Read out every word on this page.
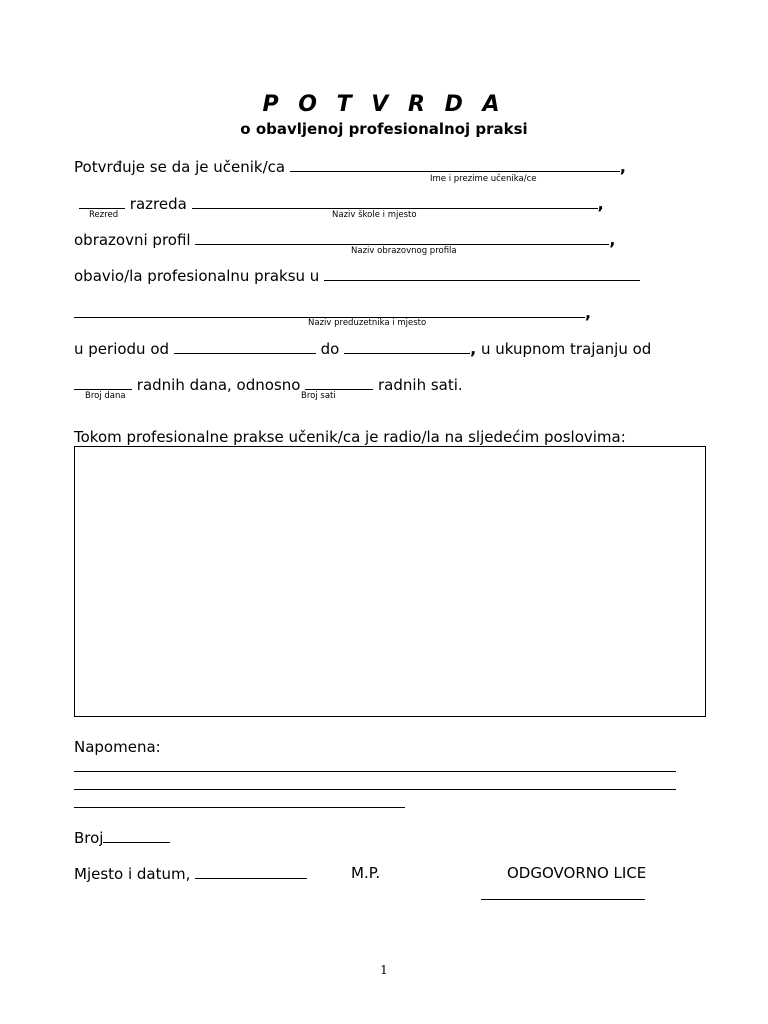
P O T V R D A
o obavljenoj profesionalnoj praksi
Potvrđuje se da je učenik/ca	,
Ime i prezime učenika/ce
razreda	,
Rezred	Naziv škole i mjesto
obrazovni profil	,
Naziv obrazovnog profila
obavio/la profesionalnu praksu u
,
Naziv preduzetnika i mjesto
u periodu od	do	, u ukupnom trajanju od
radnih dana, odnosno	radnih sati.
Broj dana	Broj sati
Tokom profesionalne prakse učenik/ca je radio/la na sljedećim poslovima:
Napomena:
Broj
Mjesto i datum,	M.P.	ODGOVORNO LICE
1
